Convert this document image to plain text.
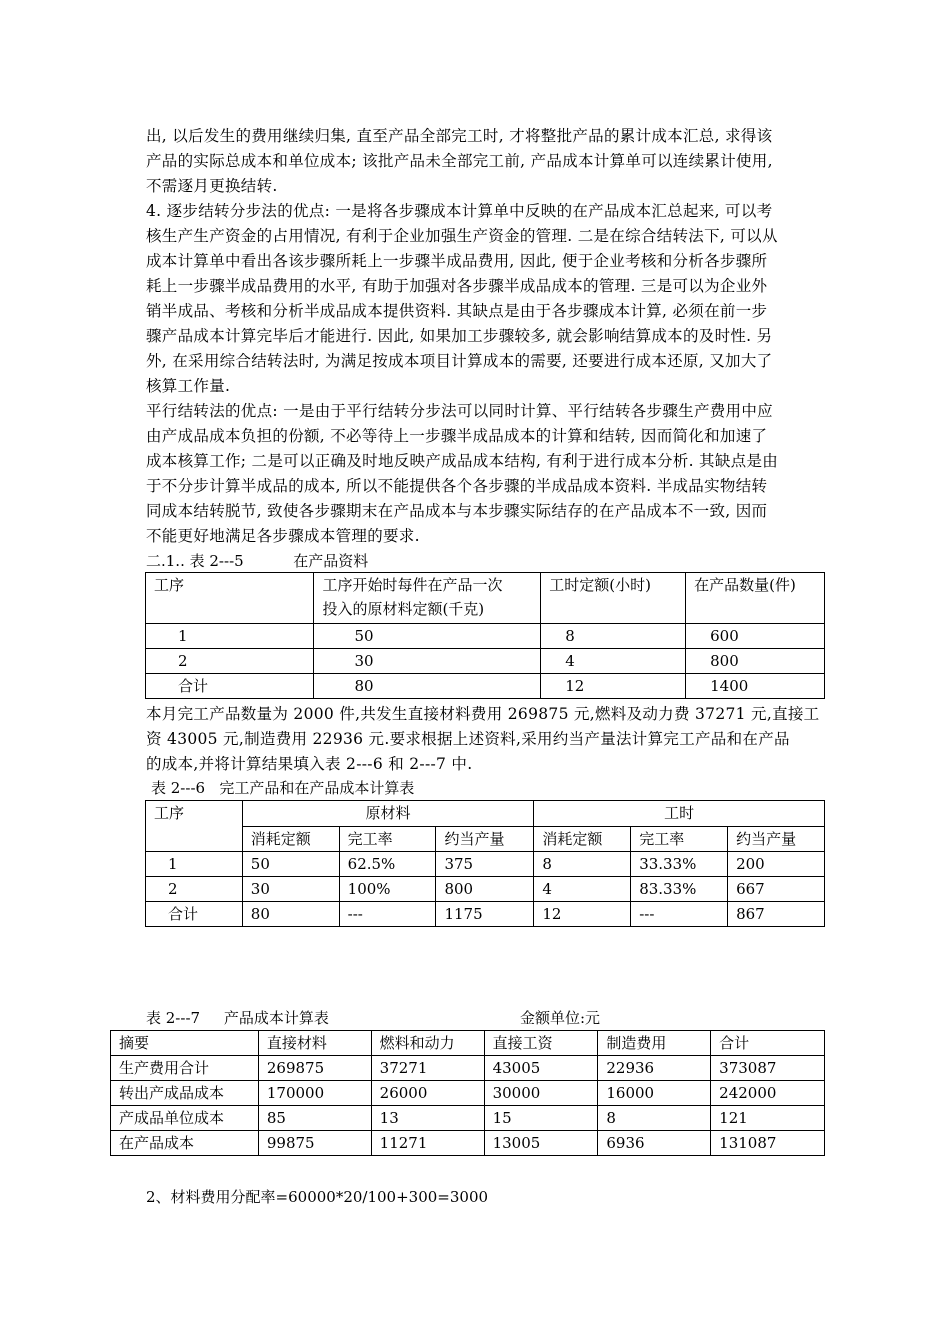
出, 以后发生的费用继续归集, 直至产品全部完工时, 才将整批产品的累计成本汇总, 求得该
产品的实际总成本和单位成本; 该批产品未全部完工前, 产品成本计算单可以连续累计使用,
不需逐月更换结转.
4. 逐步结转分步法的优点: 一是将各步骤成本计算单中反映的在产品成本汇总起来, 可以考
核生产生产资金的占用情况, 有利于企业加强生产资金的管理. 二是在综合结转法下, 可以从
成本计算单中看出各该步骤所耗上一步骤半成品费用, 因此, 便于企业考核和分析各步骤所
耗上一步骤半成品费用的水平, 有助于加强对各步骤半成品成本的管理. 三是可以为企业外
销半成品、考核和分析半成品成本提供资料. 其缺点是由于各步骤成本计算, 必须在前一步
骤产品成本计算完毕后才能进行. 因此, 如果加工步骤较多, 就会影响结算成本的及时性. 另
外, 在采用综合结转法时, 为满足按成本项目计算成本的需要, 还要进行成本还原, 又加大了
核算工作量.
平行结转法的优点: 一是由于平行结转分步法可以同时计算、平行结转各步骤生产费用中应
由产成品成本负担的份额, 不必等待上一步骤半成品成本的计算和结转, 因而简化和加速了
成本核算工作; 二是可以正确及时地反映产成品成本结构, 有利于进行成本分析. 其缺点是由
于不分步计算半成品的成本, 所以不能提供各个各步骤的半成品成本资料. 半成品实物结转
同成本结转脱节, 致使各步骤期末在产品成本与本步骤实际结存的在产品成本不一致, 因而
不能更好地满足各步骤成本管理的要求.
二.1.. 表 2---5	在产品资料
工序	工序开始时每件在产品一次
投入的原材料定额(千克)	工时定额(小时)	在产品数量(件)
1	50	8	600
2	30	4	800
合计	80	12	1400
本月完工产品数量为 2000 件,共发生直接材料费用 269875 元,燃料及动力费 37271 元,直接工
资 43005 元,制造费用 22936 元.要求根据上述资料,采用约当产量法计算完工产品和在产品
的成本,并将计算结果填入表 2---6 和 2---7 中.
表 2---6   完工产品和在产品成本计算表
工序	原材料			工时		
	消耗定额	完工率	约当产量	消耗定额	完工率	约当产量
1	50	62.5%	375	8	33.33%	200
2	30	100%	800	4	83.33%	667
合计	80	---	1175	12	---	867
表 2---7     产品成本计算表	金额单位:元
摘要	直接材料	燃料和动力	直接工资	制造费用	合计
生产费用合计	269875	37271	43005	22936	373087
转出产成品成本	170000	26000	30000	16000	242000
产成品单位成本	85	13	15	8	121
在产品成本	99875	11271	13005	6936	131087
2、材料费用分配率=60000*20/100+300=3000
